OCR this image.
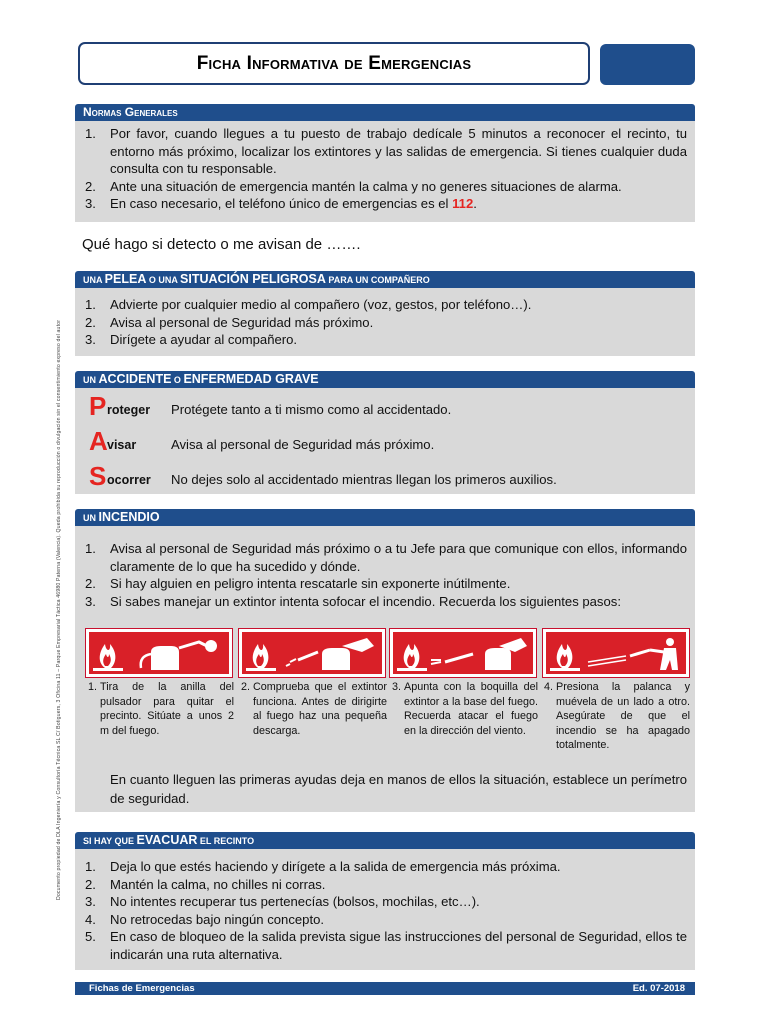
Ficha Informativa de Emergencias
Documento propiedad de DLA Ingeniería y Consultoría Técnica SL C/ Botiguers, 3 Oficina 11 – Parque Empresarial Táctica 46980 Paterna (Valencia). Queda prohibida su reproducción o divulgación sin el consentimiento expreso del autor
Normas Generales
1. Por favor, cuando llegues a tu puesto de trabajo dedícale 5 minutos a reconocer el recinto, tu entorno más próximo, localizar los extintores y las salidas de emergencia. Si tienes cualquier duda consulta con tu responsable.
2. Ante una situación de emergencia mantén la calma y no generes situaciones de alarma.
3. En caso necesario, el teléfono único de emergencias es el 112.
Qué hago si detecto o me avisan de …….
UNA PELEA O UNA SITUACIÓN PELIGROSA PARA UN COMPAÑERO
1. Advierte por cualquier medio al compañero (voz, gestos, por teléfono…).
2. Avisa al personal de Seguridad más próximo.
3. Dirígete a ayudar al compañero.
UN ACCIDENTE O ENFERMEDAD GRAVE
P roteger Protégete tanto a ti mismo como al accidentado.
A visar	Avisa al personal de Seguridad más próximo.
S ocorrer No dejes solo al accidentado mientras llegan los primeros auxilios.
UN INCENDIO
1. Avisa al personal de Seguridad más próximo o a tu Jefe para que comunique con ellos, informando claramente de lo que ha sucedido y dónde.
2. Si hay alguien en peligro intenta rescatarle sin exponerte inútilmente.
3. Si sabes manejar un extintor intenta sofocar el incendio. Recuerda los siguientes pasos:
En cuanto lleguen las primeras ayudas deja en manos de ellos la situación, establece un perímetro de seguridad.
1. Tira de la anilla del pulsador para quitar el precinto. Sitúate a unos 2 m del fuego.
2. Comprueba que el extintor funciona. Antes de dirigirte al fuego haz una pequeña descarga.
3. Apunta con la boquilla del extintor a la base del fuego. Recuerda atacar el fuego en la dirección del viento.
4. Presiona la palanca y muévela de un lado a otro. Asegúrate de que el incendio se ha apagado totalmente.
SI HAY QUE EVACUAR EL RECINTO
1. Deja lo que estés haciendo y dirígete a la salida de emergencia más próxima.
2. Mantén la calma, no chilles ni corras.
3. No intentes recuperar tus pertenecías (bolsos, mochilas, etc…).
4. No retrocedas bajo ningún concepto.
5. En caso de bloqueo de la salida prevista sigue las instrucciones del personal de Seguridad, ellos te indicarán una ruta alternativa.
Fichas de Emergencias	Ed. 07-2018
